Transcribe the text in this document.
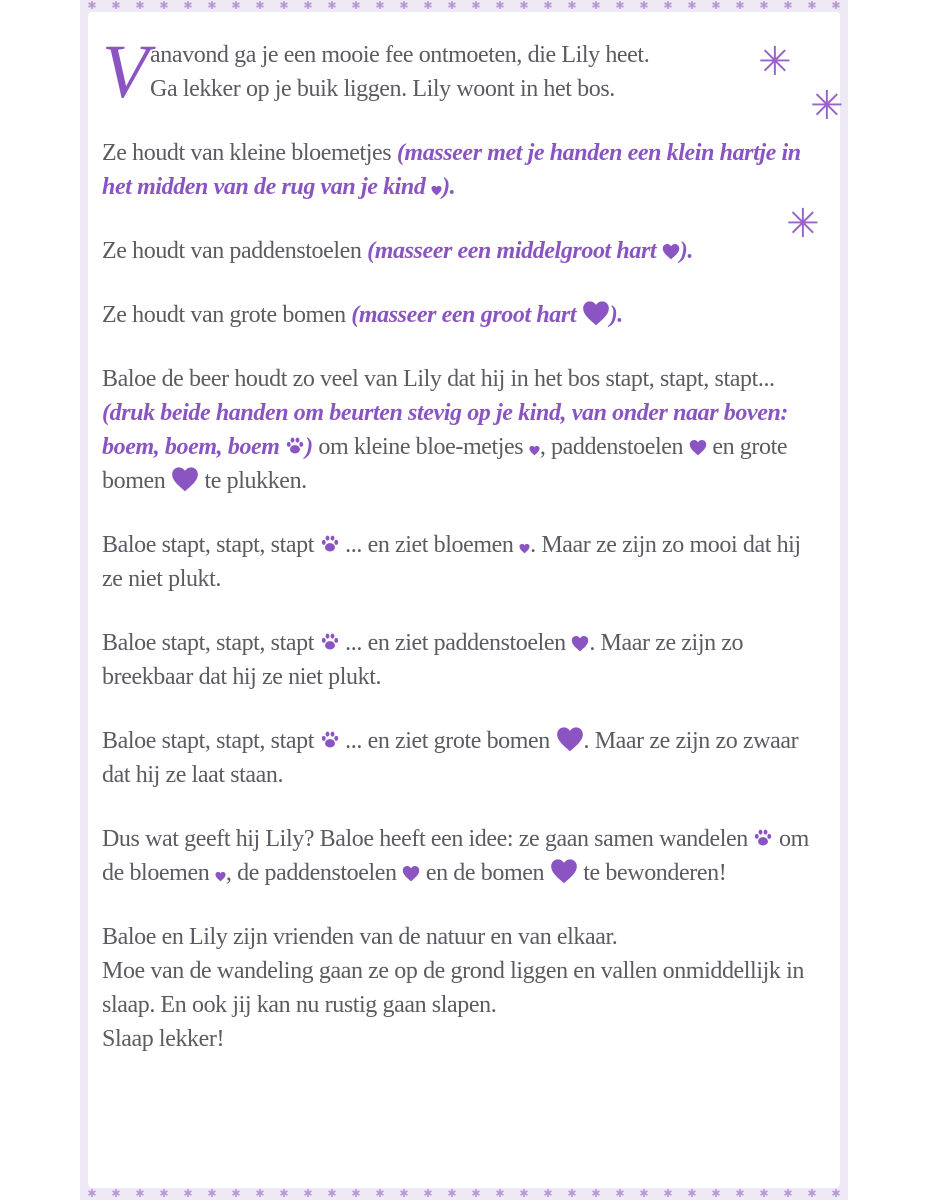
✱ ✱ ✱ ✱ ✱ ✱ ✱ ✱ ✱ ✱ ✱ ✱ ✱ ✱ ✱ ✱ ✱ ✱ ✱ ✱ ✱ ✱ ✱ ✱ ✱ ✱ ✱ ✱ ✱ ✱ ✱ ✱
✱ ✱ ✱ ✱ ✱ ✱ ✱ ✱ ✱ ✱ ✱ ✱ ✱ ✱ ✱ ✱ ✱ ✱ ✱ ✱ ✱ ✱ ✱ ✱ ✱ ✱ ✱ ✱ ✱ ✱ ✱ ✱
✳
✳
✳

Vanavond ga je een mooie fee ontmoeten, die Lily heet.
Ga lekker op je buik liggen. Lily woont in het bos.

Ze houdt van kleine bloemetjes (masseer met je handen een klein hartje in het midden van de rug van je kind
).

Ze houdt van paddenstoelen (masseer een middelgroot hart
).

Ze houdt van grote bomen (masseer een groot hart
).

Baloe de beer houdt zo veel van Lily dat hij in het bos stapt, stapt, stapt... (druk beide handen om beurten stevig op je kind, van onder naar boven: boem, boem, boem
) om kleine bloe-metjes
, paddenstoelen
en grote bomen
te plukken.

Baloe stapt, stapt, stapt
... en ziet bloemen
. Maar ze zijn zo mooi dat hij ze niet plukt.

Baloe stapt, stapt, stapt
... en ziet paddenstoelen
. Maar ze zijn zo breekbaar dat hij ze niet plukt.

Baloe stapt, stapt, stapt
... en ziet grote bomen
. Maar ze zijn zo zwaar dat hij ze laat staan.

Dus wat geeft hij Lily? Baloe heeft een idee: ze gaan samen wandelen
om de bloemen
, de paddenstoelen
en de bomen
te bewonderen!

Baloe en Lily zijn vrienden van de natuur en van elkaar.
Moe van de wandeling gaan ze op de grond liggen en vallen onmiddellijk in slaap. En ook jij kan nu rustig gaan slapen.
Slaap lekker!
